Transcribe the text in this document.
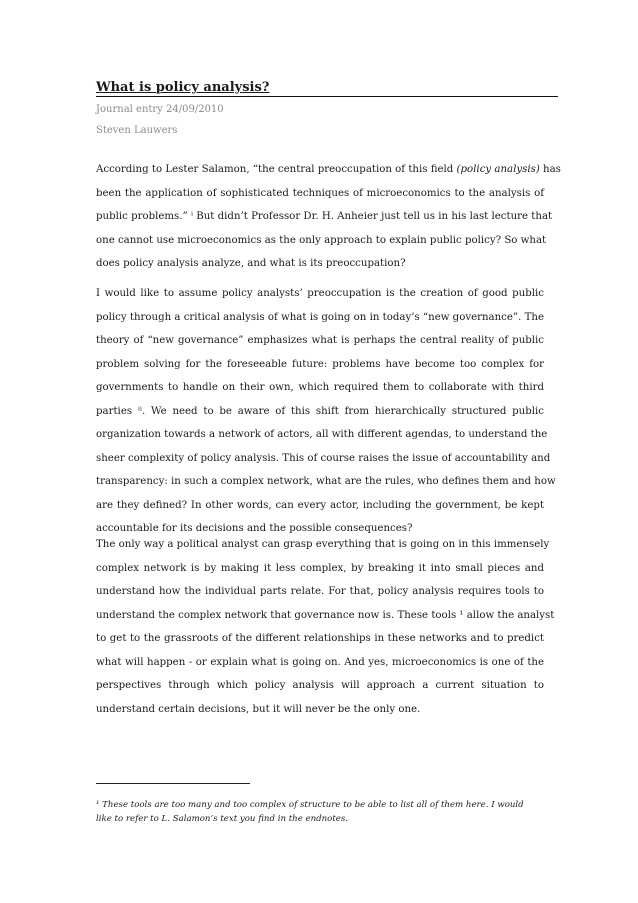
What is policy analysis?
Journal entry 24/09/2010
Steven Lauwers
According to Lester Salamon, “the central preoccupation of this field (policy analysis) has
been the application of sophisticated techniques of microeconomics to the analysis of
public problems.” ⁱ But didn’t Professor Dr. H. Anheier just tell us in his last lecture that
one cannot use microeconomics as the only approach to explain public policy? So what
does policy analysis analyze, and what is its preoccupation?
I would like to assume policy analysts’ preoccupation is the creation of good public
policy through a critical analysis of what is going on in today’s “new governance”. The
theory of “new governance” emphasizes what is perhaps the central reality of public
problem solving for the foreseeable future: problems have become too complex for
governments to handle on their own, which required them to collaborate with third
parties ⁱⁱ. We need to be aware of this shift from hierarchically structured public
organization towards a network of actors, all with different agendas, to understand the
sheer complexity of policy analysis. This of course raises the issue of accountability and
transparency: in such a complex network, what are the rules, who defines them and how
are they defined? In other words, can every actor, including the government, be kept
accountable for its decisions and the possible consequences?
The only way a political analyst can grasp everything that is going on in this immensely
complex network is by making it less complex, by breaking it into small pieces and
understand how the individual parts relate. For that, policy analysis requires tools to
understand the complex network that governance now is. These tools ¹ allow the analyst
to get to the grassroots of the different relationships in these networks and to predict
what will happen - or explain what is going on. And yes, microeconomics is one of the
perspectives through which policy analysis will approach a current situation to
understand certain decisions, but it will never be the only one.
¹ These tools are too many and too complex of structure to be able to list all of them here. I would
like to refer to L. Salamon’s text you find in the endnotes.
